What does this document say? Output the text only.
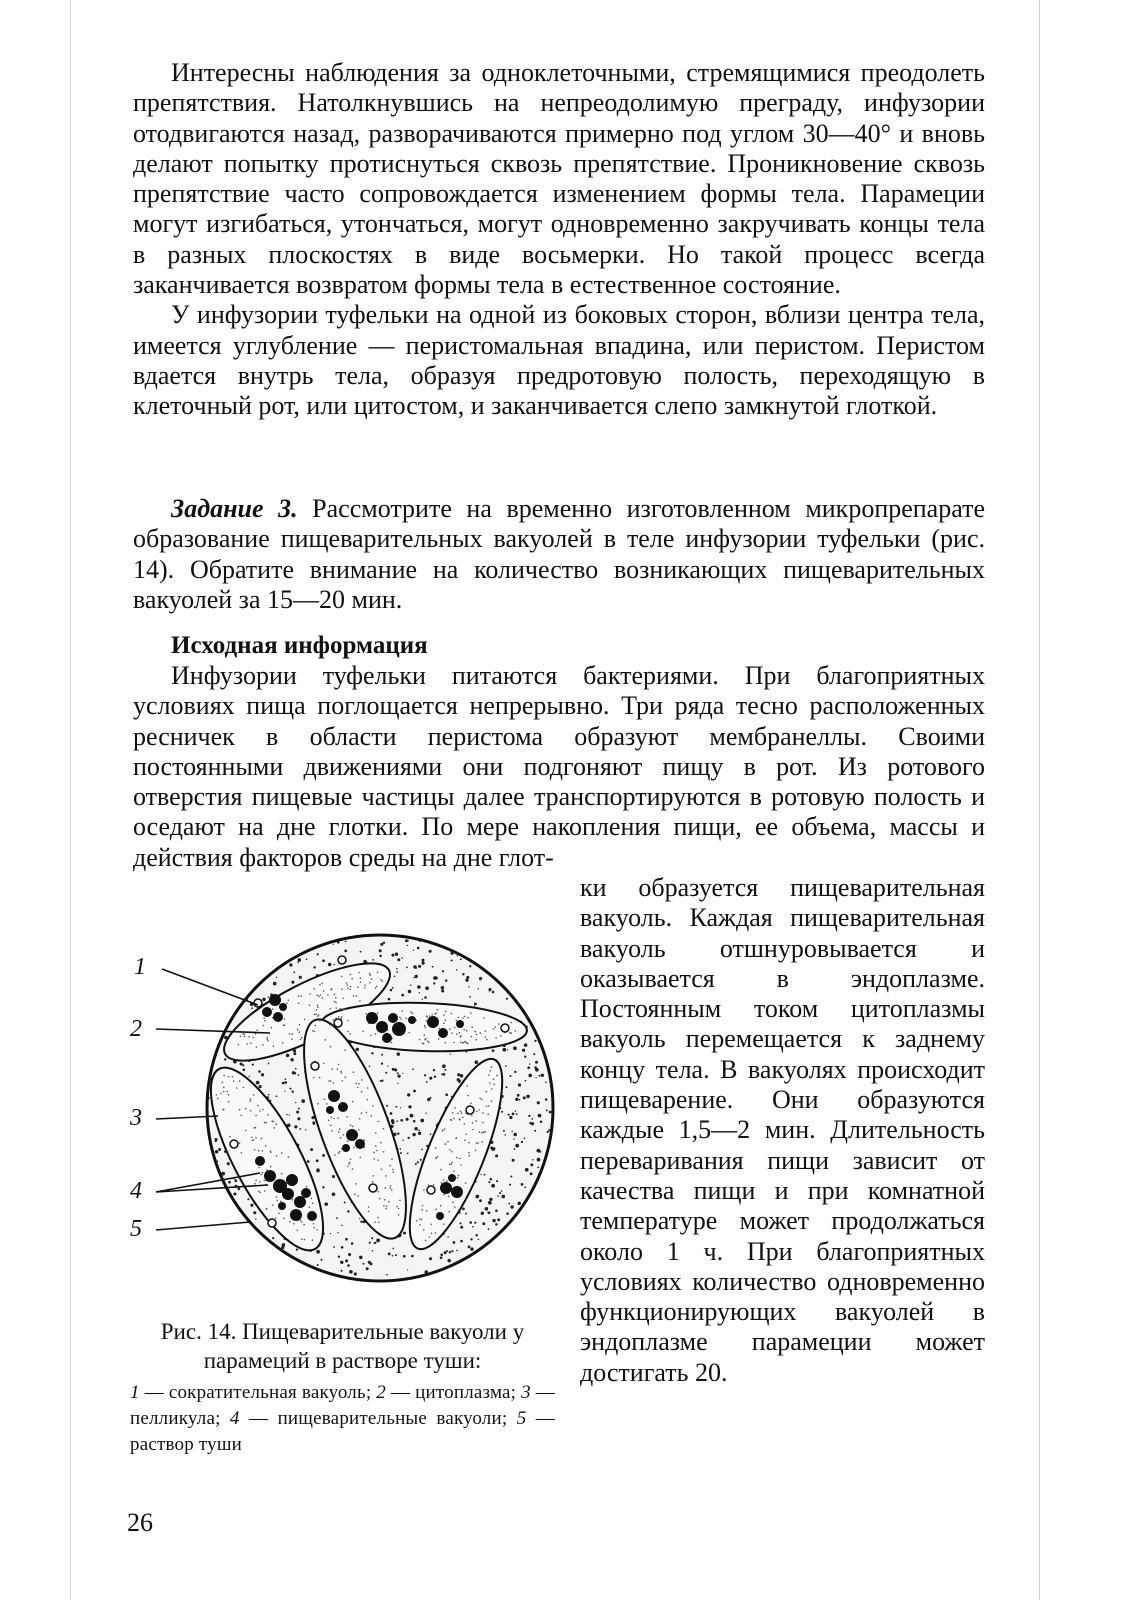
Интересны наблюдения за одноклеточными, стремящимися преодолеть препятствия. Натолкнувшись на непреодолимую преграду, инфузории отодвигаются назад, разворачиваются примерно под углом 30—40° и вновь делают попытку протиснуться сквозь препятствие. Проникновение сквозь препятствие часто сопровождается изменением формы тела. Парамеции могут изгибаться, утончаться, могут одновременно закручивать концы тела в разных плоскостях в виде восьмерки. Но такой процесс всегда заканчивается возвратом формы тела в естественное состояние.

У инфузории туфельки на одной из боковых сторон, вблизи центра тела, имеется углубление — перистомальная впадина, или перистом. Перистом вдается внутрь тела, образуя предротовую полость, переходящую в клеточный рот, или цитостом, и заканчивается слепо замкнутой глоткой.

Задание 3. Рассмотрите на временно изготовленном микропрепарате образование пищеварительных вакуолей в теле инфузории туфельки (рис. 14). Обратите внимание на количество возникающих пищеварительных вакуолей за 15—20 мин.

Исходная информация

Инфузории туфельки питаются бактериями. При благоприятных условиях пища поглощается непрерывно. Три ряда тесно расположенных ресничек в области перистома образуют мембранеллы. Своими постоянными движениями они подгоняют пищу в рот. Из ротового отверстия пищевые частицы далее транспортируются в ротовую полость и оседают на дне глотки. По мере накопления пищи, ее объема, массы и действия факторов среды на дне глот-

ки образуется пищеварительная вакуоль. Каждая пищеварительная вакуоль отшнуровывается и оказывается в эндоплазме. Постоянным током цитоплазмы вакуоль перемещается к заднему концу тела. В вакуолях происходит пищеварение. Они образуются каждые 1,5—2 мин. Длительность переваривания пищи зависит от качества пищи и при комнатной температуре может продолжаться около 1 ч. При благоприятных условиях количество одновременно функционирующих вакуолей в эндоплазме парамеции может достигать 20.

1
2
3
4
5

Рис. 14. Пищеварительные вакуоли у парамеций в растворе туши:

1 — сократительная вакуоль; 2 — цитоплазма; 3 — пелликула; 4 — пищеварительные вакуоли; 5 — раствор туши

26
